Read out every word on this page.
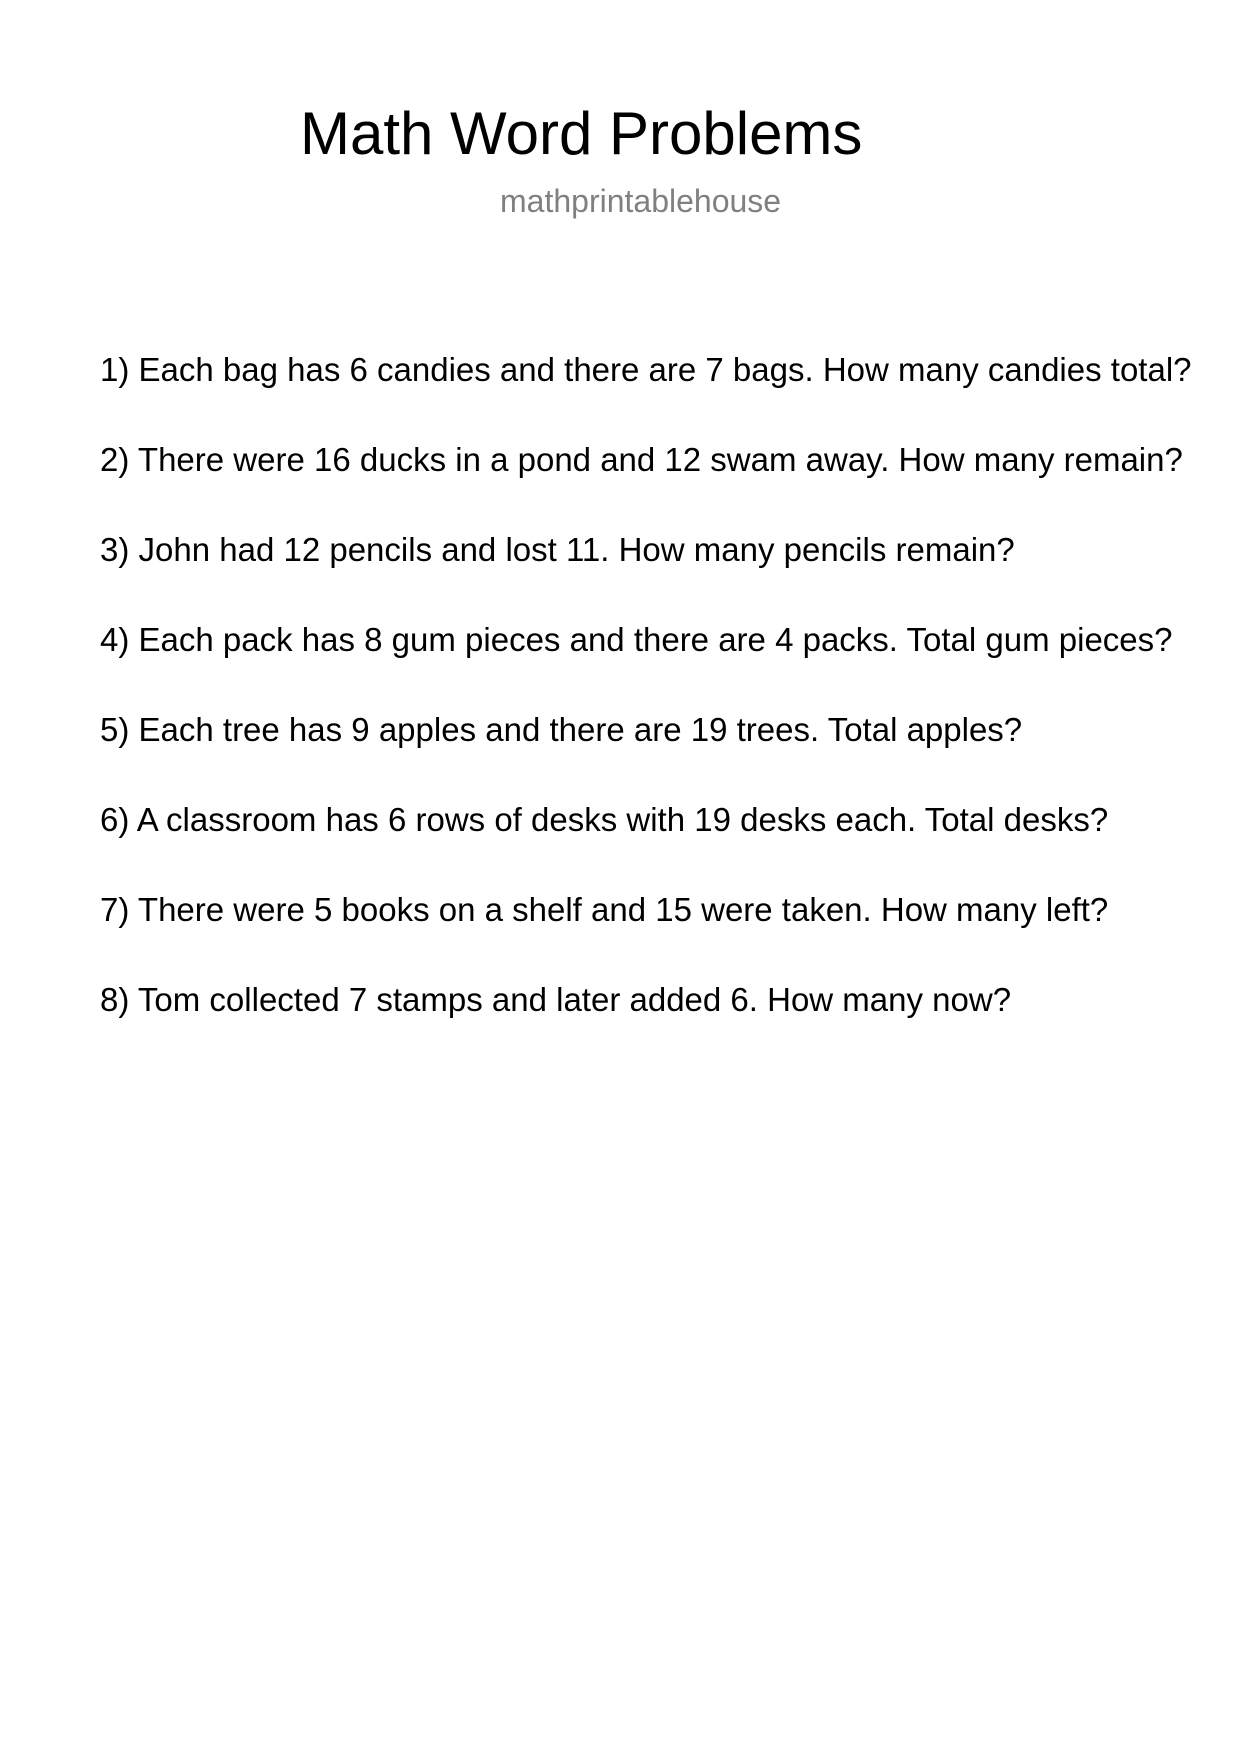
Math Word Problems
mathprintablehouse
1) Each bag has 6 candies and there are 7 bags. How many candies total?
2) There were 16 ducks in a pond and 12 swam away. How many remain?
3) John had 12 pencils and lost 11. How many pencils remain?
4) Each pack has 8 gum pieces and there are 4 packs. Total gum pieces?
5) Each tree has 9 apples and there are 19 trees. Total apples?
6) A classroom has 6 rows of desks with 19 desks each. Total desks?
7) There were 5 books on a shelf and 15 were taken. How many left?
8) Tom collected 7 stamps and later added 6. How many now?
